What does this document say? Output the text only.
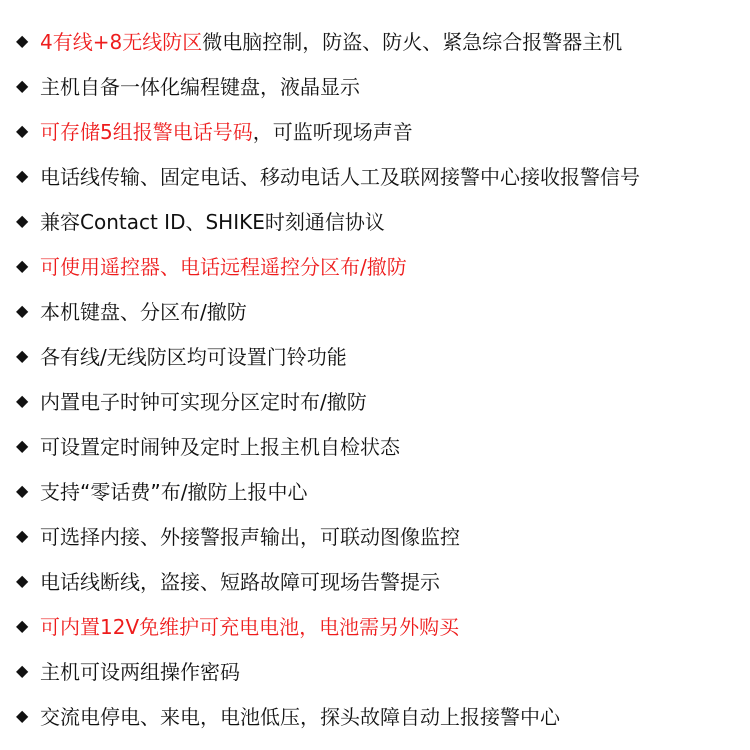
◆ 4有线+8无线防区 微电脑控制，防盗、防火、紧急综合报警器主机
◆ 主机自备一体化编程键盘，液晶显示
◆ 可存储5组报警电话号码 ，可监听现场声音
◆ 电话线传输、固定电话、移动电话人工及联网接警中心接收报警信号
◆ 兼容Contact ID、SHIKE时刻通信协议
◆ 可使用遥控器、电话远程遥控分区布/撤防
◆ 本机键盘、分区布/撤防
◆ 各有线/无线防区均可设置门铃功能
◆ 内置电子时钟可实现分区定时布/撤防
◆ 可设置定时闹钟及定时上报主机自检状态
◆ 支持“零话费”布/撤防上报中心
◆ 可选择内接、外接警报声输出，可联动图像监控
◆ 电话线断线，盗接、短路故障可现场告警提示
◆ 可内置12V免维护可充电电池，电池需另外购买
◆ 主机可设两组操作密码
◆ 交流电停电、来电，电池低压，探头故障自动上报接警中心
